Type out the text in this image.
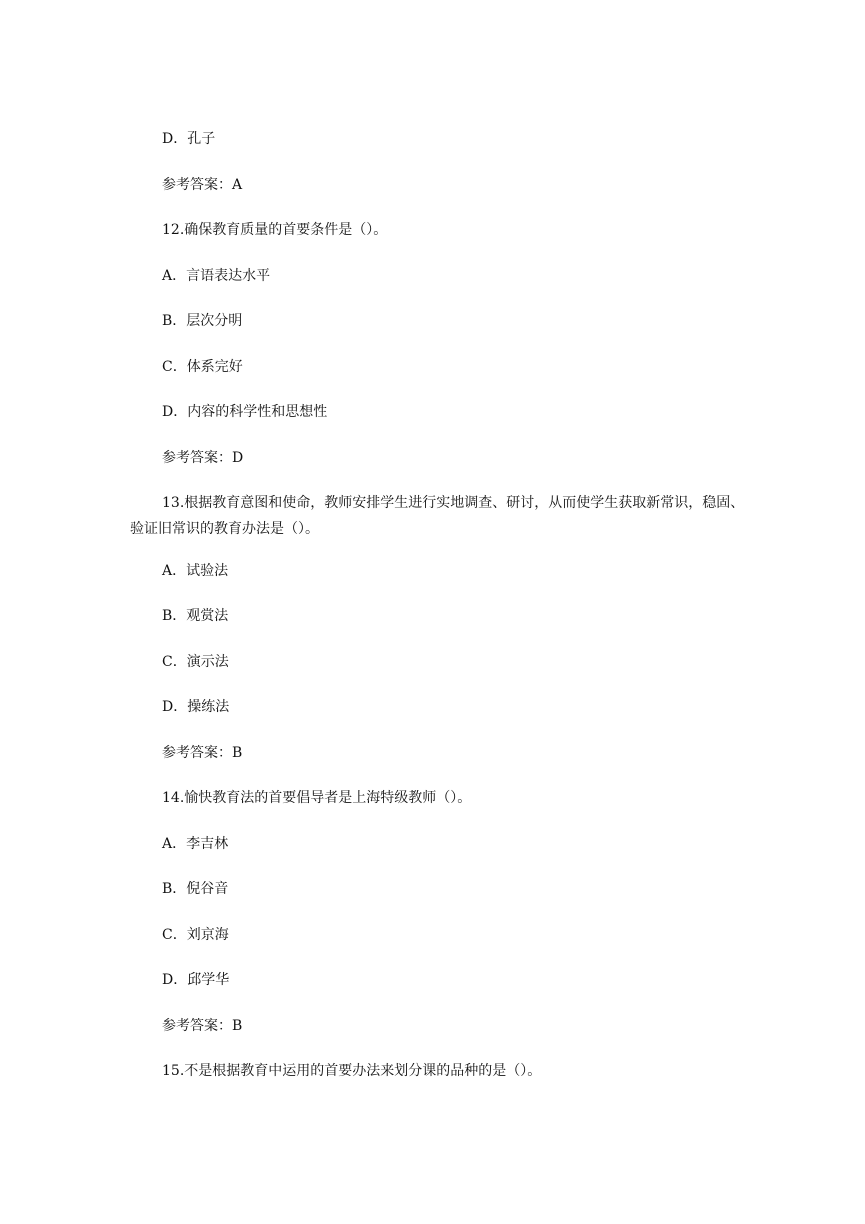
D．孔子
参考答案：A
12.确保教育质量的首要条件是（）。
A．言语表达水平
B．层次分明
C．体系完好
D．内容的科学性和思想性
参考答案：D
13.根据教育意图和使命，教师安排学生进行实地调查、研讨，从而使学生获取新常识，稳固、验证旧常识的教育办法是（）。
A．试验法
B．观赏法
C．演示法
D．操练法
参考答案：B
14.愉快教育法的首要倡导者是上海特级教师（）。
A．李吉林
B．倪谷音
C．刘京海
D．邱学华
参考答案：B
15.不是根据教育中运用的首要办法来划分课的品种的是（）。
